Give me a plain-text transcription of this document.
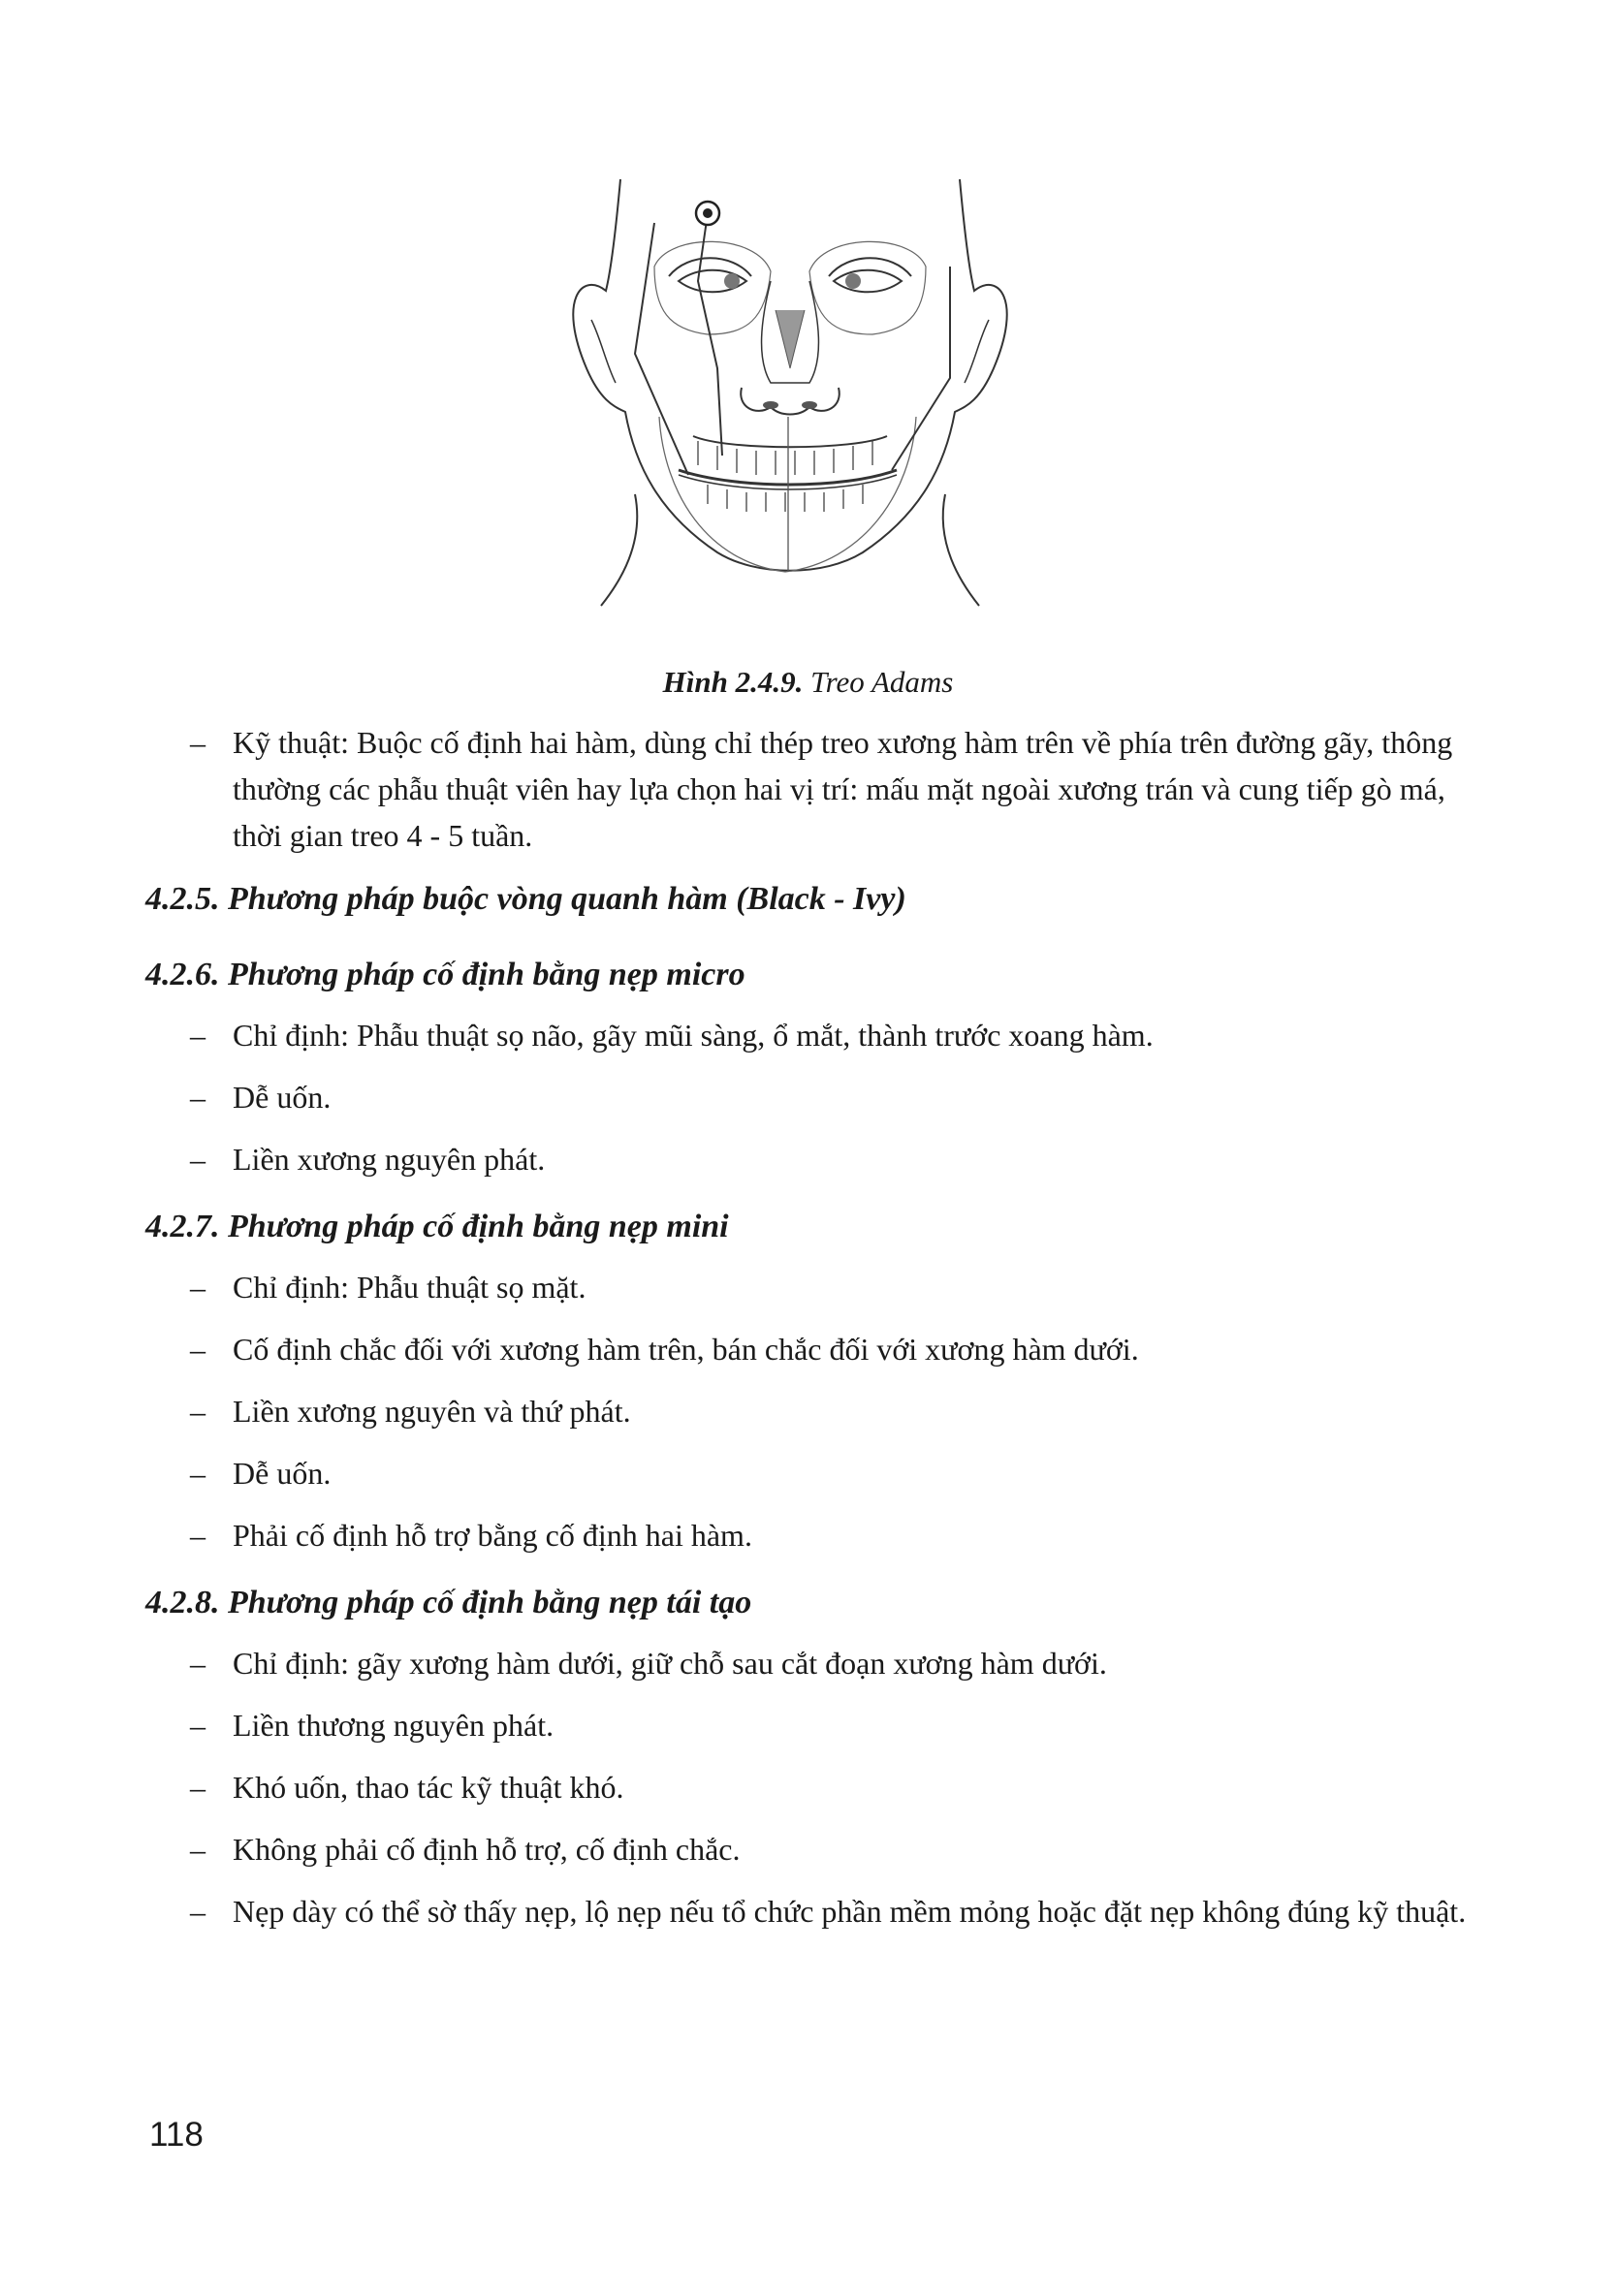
Hình 2.4.9. Treo Adams

– Kỹ thuật: Buộc cố định hai hàm, dùng chỉ thép treo xương hàm trên về phía trên đường gãy, thông thường các phẫu thuật viên hay lựa chọn hai vị trí: mấu mặt ngoài xương trán và cung tiếp gò má, thời gian treo 4 - 5 tuần.

4.2.5. Phương pháp buộc vòng quanh hàm (Black - Ivy)
4.2.6. Phương pháp cố định bằng nẹp micro

– Chỉ định: Phẫu thuật sọ não, gãy mũi sàng, ổ mắt, thành trước xoang hàm.

– Dễ uốn.

– Liền xương nguyên phát.

4.2.7. Phương pháp cố định bằng nẹp mini

– Chỉ định: Phẫu thuật sọ mặt.

– Cố định chắc đối với xương hàm trên, bán chắc đối với xương hàm dưới.

– Liền xương nguyên và thứ phát.

– Dễ uốn.

– Phải cố định hỗ trợ bằng cố định hai hàm.

4.2.8. Phương pháp cố định bằng nẹp tái tạo

– Chỉ định: gãy xương hàm dưới, giữ chỗ sau cắt đoạn xương hàm dưới.

– Liền thương nguyên phát.

– Khó uốn, thao tác kỹ thuật khó.

– Không phải cố định hỗ trợ, cố định chắc.

– Nẹp dày có thể sờ thấy nẹp, lộ nẹp nếu tổ chức phần mềm mỏng hoặc đặt nẹp không đúng kỹ thuật.

118
